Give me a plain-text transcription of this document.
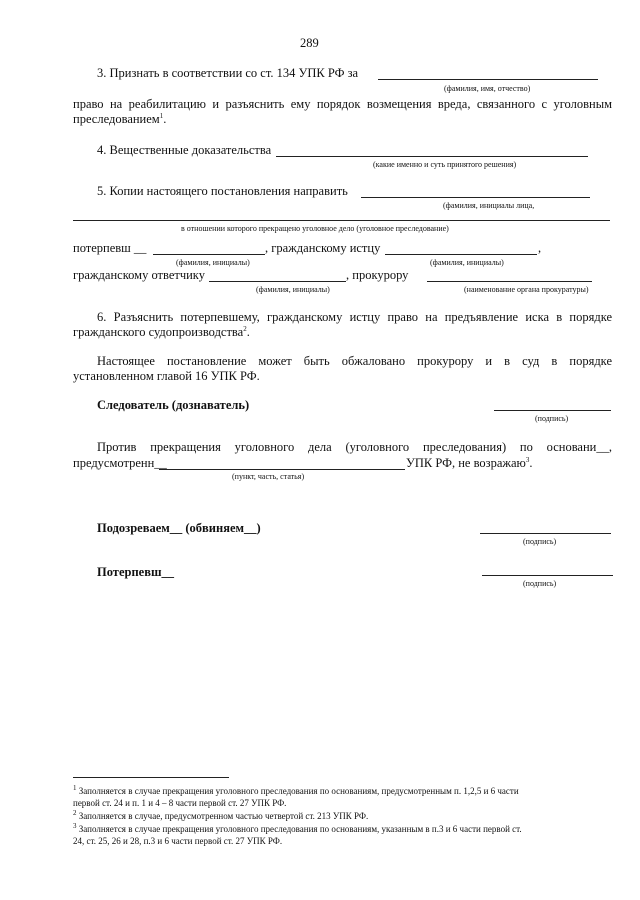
289
3. Признать в соответствии со ст. 134 УПК РФ за
(фамилия, имя, отчество)
право на реабилитацию и разъяснить ему порядок возмещения вреда, связанного с уголовным
преследованием$^1$.
4. Вещественные доказательства
(какие именно и суть принятого решения)
5. Копии настоящего постановления направить
(фамилия, инициалы лица,
в отношении которого прекращено уголовное дело (уголовное преследование)
потерпевш __	, гражданскому истцу	,
(фамилия, инициалы)	(фамилия, инициалы)
гражданскому ответчику	, прокурору
(фамилия, инициалы)	(наименование органа прокуратуры)
6. Разъяснить потерпевшему, гражданскому истцу право на предъявление иска в порядке
гражданского судопроизводства$^2$.
Настоящее постановление может быть обжаловано прокурору и в суд в порядке
установленном главой 16 УПК РФ.
Следователь (дознаватель)
(подпись)
Против прекращения уголовного дела (уголовного преследования) по основани__,
предусмотренн__	УПК РФ, не возражаю$^3$.
(пункт, часть, статья)
Подозреваем__ (обвиняем__)
(подпись)
Потерпевш__
(подпись)
$^1$ Заполняется в случае прекращения уголовного преследования по основаниям, предусмотренным п. 1,2,5 и 6 части
первой ст. 24 и п. 1 и 4 – 8 части первой ст. 27 УПК РФ.
$^2$ Заполняется в случае, предусмотренном частью четвертой ст. 213 УПК РФ.
$^3$ Заполняется в случае прекращения уголовного преследования по основаниям, указанным в п.3 и 6 части первой ст.
24, ст. 25, 26 и 28, п.3 и 6 части первой ст. 27 УПК РФ.
